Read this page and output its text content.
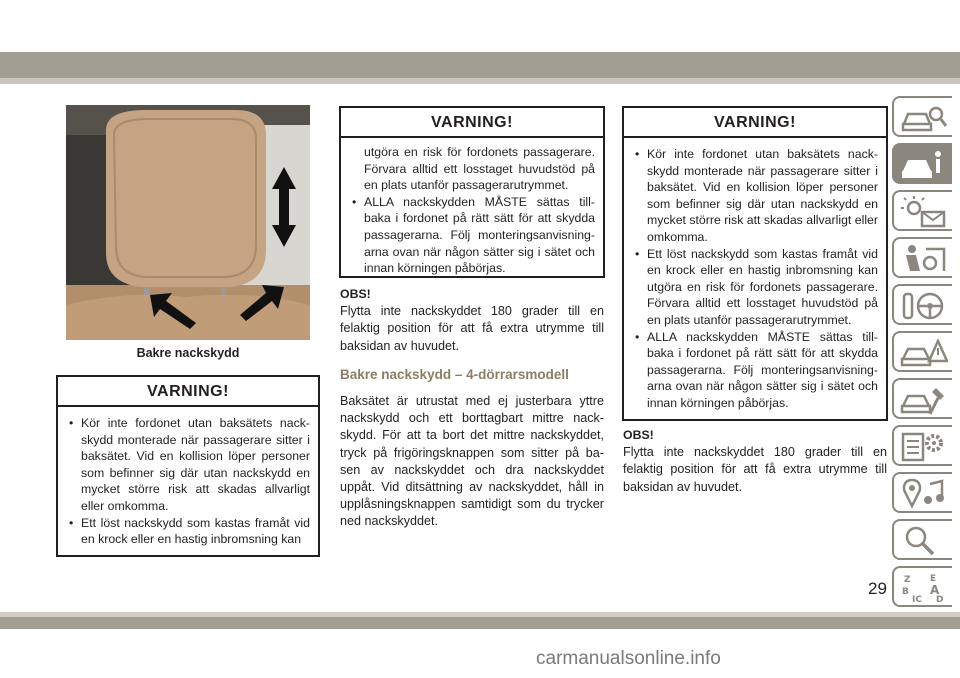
Bakre nackskydd
VARNING!

• Kör inte fordonet utan baksätets nack-skydd monterade när passagerare sitter i baksätet. Vid en kollision löper personer som befinner sig där utan nackskydd en mycket större risk att skadas allvarligt eller omkomma.

• Ett löst nackskydd som kastas framåt vid en krock eller en hastig inbromsning kan

VARNING!

utgöra en risk för fordonets passagerare. Förvara alltid ett losstaget huvudstöd på en plats utanför passagerarutrymmet.

• ALLA nackskydden MÅSTE sättas till-baka i fordonet på rätt sätt för att skydda passagerarna. Följ monteringsanvisning-arna ovan när någon sätter sig i sätet och innan körningen påbörjas.

OBS!
Flytta inte nackskyddet 180 grader till en felaktig position för att få extra utrymme till baksidan av huvudet.
Bakre nackskydd – 4-dörrarsmodell
Baksätet är utrustat med ej justerbara yttre nackskydd och ett borttagbart mittre nack-skydd. För att ta bort det mittre nackskyddet, tryck på frigöringsknappen som sitter på ba-sen av nackskyddet och dra nackskyddet uppåt. Vid ditsättning av nackskyddet, håll in upplåsningsknappen samtidigt som du trycker ned nackskyddet.
VARNING!

• Kör inte fordonet utan baksätets nack-skydd monterade när passagerare sitter i baksätet. Vid en kollision löper personer som befinner sig där utan nackskydd en mycket större risk att skadas allvarligt eller omkomma.

• Ett löst nackskydd som kastas framåt vid en krock eller en hastig inbromsning kan utgöra en risk för fordonets passagerare. Förvara alltid ett losstaget huvudstöd på en plats utanför passagerarutrymmet.

• ALLA nackskydden MÅSTE sättas till-baka i fordonet på rätt sätt för att skydda passagerarna. Följ monteringsanvisning-arna ovan när någon sätter sig i sätet och innan körningen påbörjas.

OBS!
Flytta inte nackskyddet 180 grader till en felaktig position för att få extra utrymme till baksidan av huvudet.
Z E
B A
IC D
29
carmanualsonline.info
